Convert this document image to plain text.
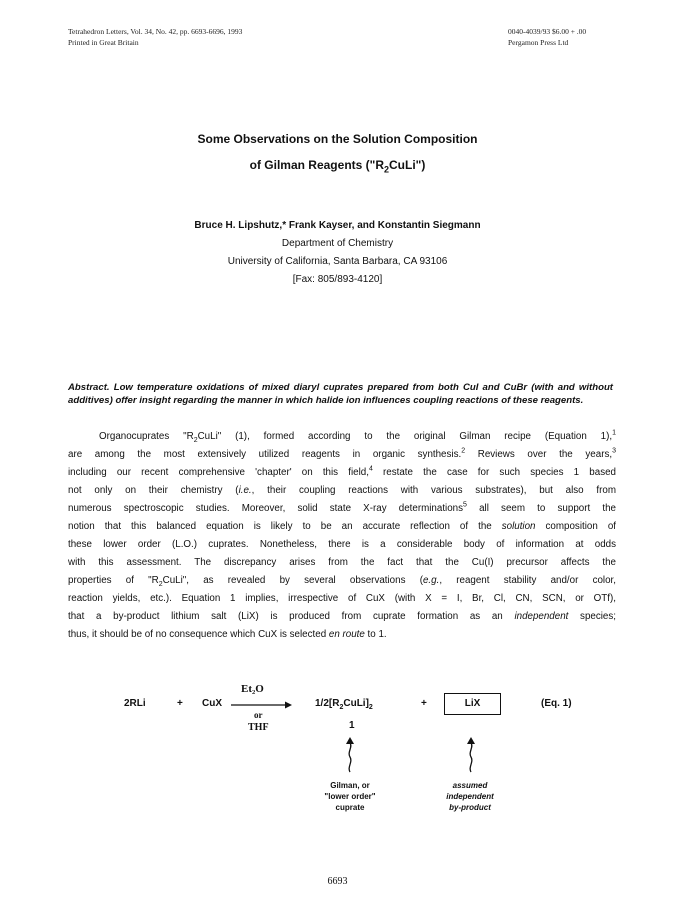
Tetrahedron Letters, Vol. 34, No. 42, pp. 6693-6696, 1993
Printed in Great Britain
0040-4039/93 $6.00 + .00
Pergamon Press Ltd
Some Observations on the Solution Composition
of Gilman Reagents $("R_2CuLi")$
Bruce H. Lipshutz,* Frank Kayser, and Konstantin Siegmann
Department of Chemistry
University of California, Santa Barbara, CA 93106
[Fax: 805/893-4120]
Abstract. Low temperature oxidations of mixed diaryl cuprates prepared from both CuI and CuBr (with and without additives) offer insight regarding the manner in which halide ion influences coupling reactions of these reagents.
Organocuprates "$R_2CuLi$" (1), formed according to the original Gilman recipe (Equation 1),$^1$
are among the most extensively utilized reagents in organic synthesis.$^2$ Reviews over the years,$^3$
including our recent comprehensive 'chapter' on this field,$^4$ restate the case for such species 1 based
not only on their chemistry (i.e., their coupling reactions with various substrates), but also from
numerous spectroscopic studies. Moreover, solid state X-ray determinations$^5$ all seem to support the
notion that this balanced equation is likely to be an accurate reflection of the solution composition of
these lower order (L.O.) cuprates. Nonetheless, there is a considerable body of information at odds
with this assessment. The discrepancy arises from the fact that the Cu(I) precursor affects the
properties of "$R_2CuLi$", as revealed by several observations (e.g., reagent stability and/or color,
reaction yields, etc.). Equation 1 implies, irrespective of CuX (with X = I, Br, Cl, CN, SCN, or OTf),
that a by-product lithium salt (LiX) is produced from cuprate formation as an independent species;
thus, it should be of no consequence which CuX is selected en route to 1.
2RLi	+ CuX
Et₂O
or
THF
$1/2[R_2CuLi]_2$
1
+	LiX	(Eq. 1)
Gilman, or
"lower order"
cuprate
assumed
independent
by-product
6693
